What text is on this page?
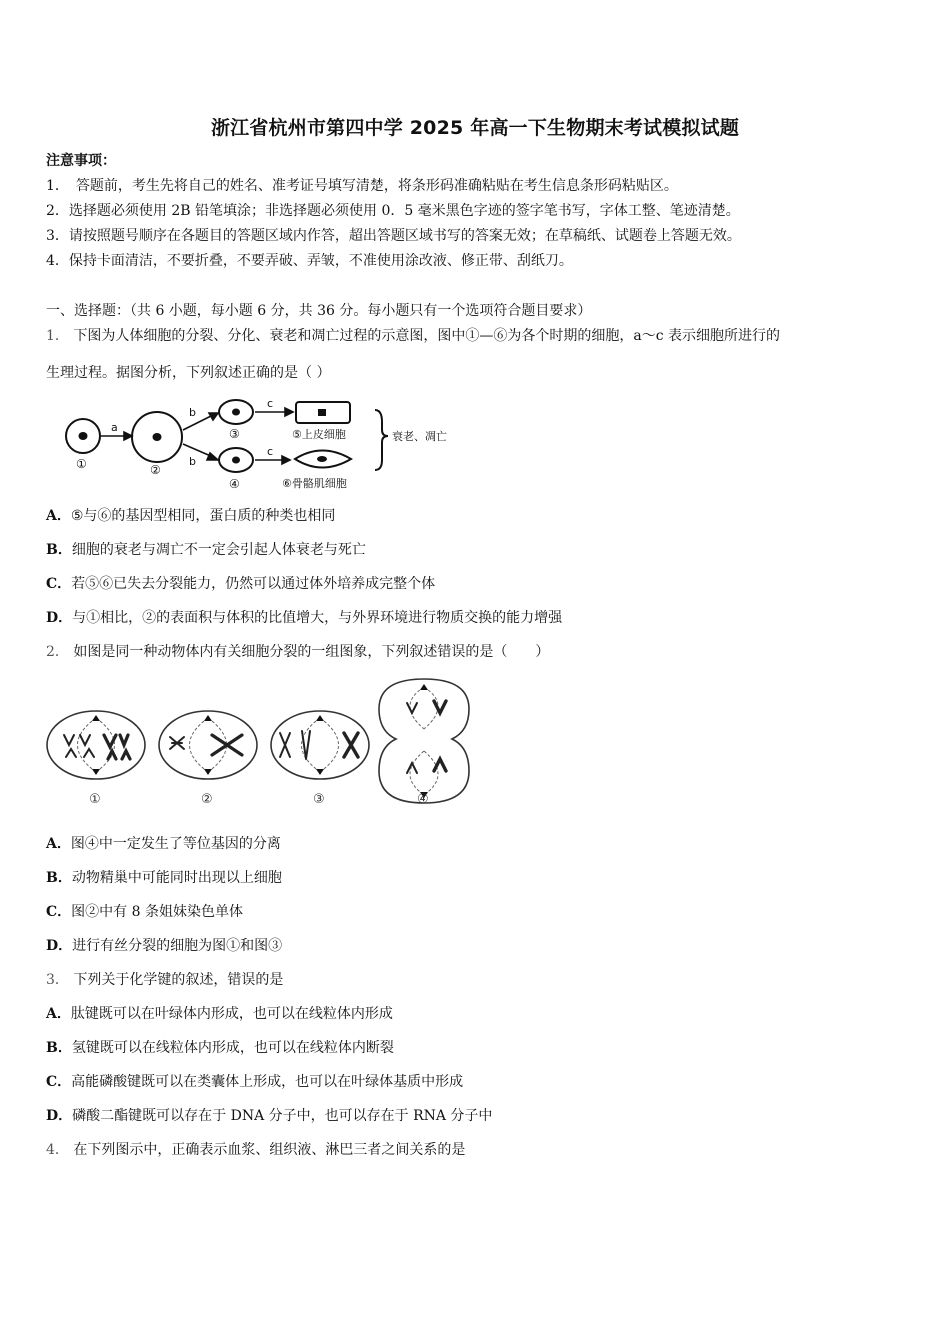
浙江省杭州市第四中学 2025 年高一下生物期末考试模拟试题
注意事项：
1．　答题前，考生先将自己的姓名、准考证号填写清楚，将条形码准确粘贴在考生信息条形码粘贴区。
2．选择题必须使用 2B 铅笔填涂；非选择题必须使用 0．5 毫米黑色字迹的签字笔书写，字体工整、笔迹清楚。
3．请按照题号顺序在各题目的答题区域内作答，超出答题区域书写的答案无效；在草稿纸、试题卷上答题无效。
4．保持卡面清洁，不要折叠，不要弄破、弄皱，不准使用涂改液、修正带、刮纸刀。
一、选择题：（共 6 小题，每小题 6 分，共 36 分。每小题只有一个选项符合题目要求）
1． 下图为人体细胞的分裂、分化、衰老和凋亡过程的示意图，图中①—⑥为各个时期的细胞，a～c 表示细胞所进行的
生理过程。据图分析，下列叙述正确的是（ ）
a
b
b
c
c
①	②
③
④
⑤上皮细胞
⑥骨骼肌细胞
衰老、凋亡
A．⑤与⑥的基因型相同，蛋白质的种类也相同
B．细胞的衰老与凋亡不一定会引起人体衰老与死亡
C．若⑤⑥已失去分裂能力，仍然可以通过体外培养成完整个体
D．与①相比，②的表面积与体积的比值增大，与外界环境进行物质交换的能力增强
2． 如图是同一种动物体内有关细胞分裂的一组图象，下列叙述错误的是（　　）
①	②	③	④
A．图④中一定发生了等位基因的分离
B．动物精巢中可能同时出现以上细胞
C．图②中有 8 条姐妹染色单体
D．进行有丝分裂的细胞为图①和图③
3． 下列关于化学键的叙述，错误的是
A．肽键既可以在叶绿体内形成，也可以在线粒体内形成
B．氢键既可以在线粒体内形成，也可以在线粒体内断裂
C．高能磷酸键既可以在类囊体上形成，也可以在叶绿体基质中形成
D．磷酸二酯键既可以存在于 DNA 分子中，也可以存在于 RNA 分子中
4． 在下列图示中，正确表示血浆、组织液、淋巴三者之间关系的是
